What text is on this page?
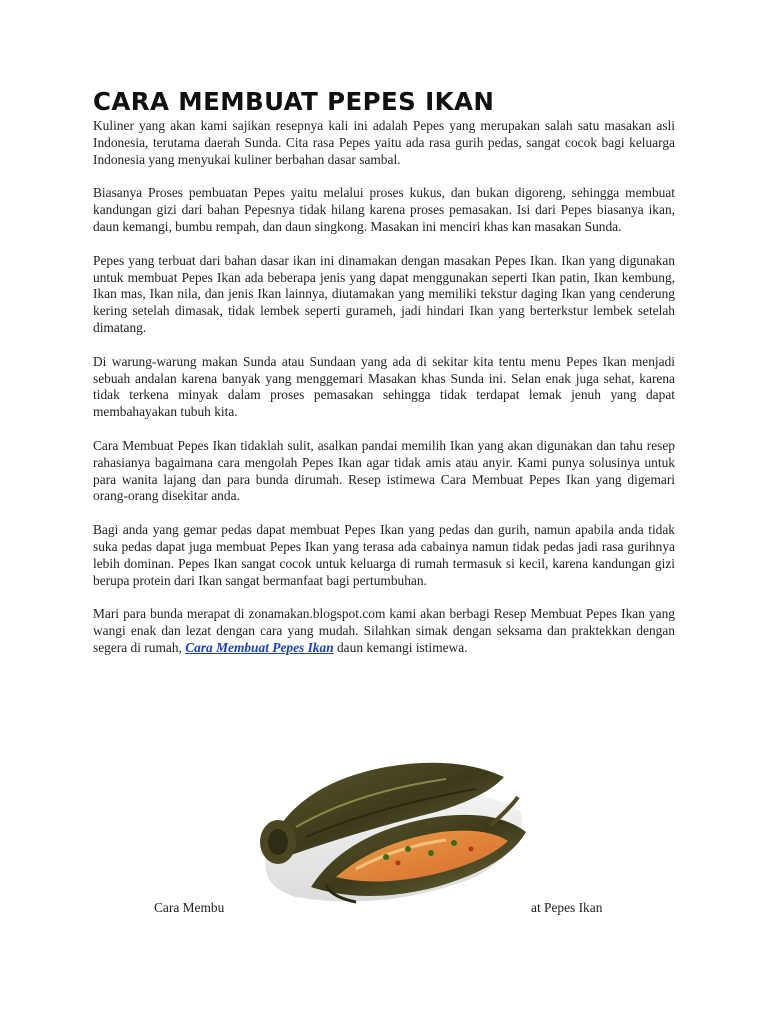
CARA MEMBUAT PEPES IKAN

Kuliner yang akan kami sajikan resepnya kali ini adalah Pepes yang merupakan salah satu masakan asli Indonesia, terutama daerah Sunda. Cita rasa Pepes yaitu ada rasa gurih pedas, sangat cocok bagi keluarga Indonesia yang menyukai kuliner berbahan dasar sambal.

Biasanya Proses pembuatan Pepes yaitu melalui proses kukus, dan bukan digoreng, sehingga membuat kandungan gizi dari bahan Pepesnya tidak hilang karena proses pemasakan. Isi dari Pepes biasanya ikan, daun kemangi, bumbu rempah, dan daun singkong. Masakan ini menciri khas kan masakan Sunda.

Pepes yang terbuat dari bahan dasar ikan ini dinamakan dengan masakan Pepes Ikan. Ikan yang digunakan untuk membuat Pepes Ikan ada beberapa jenis yang dapat menggunakan seperti Ikan patin, Ikan kembung, Ikan mas, Ikan nila, dan jenis Ikan lainnya, diutamakan yang memiliki tekstur daging Ikan yang cenderung kering setelah dimasak, tidak lembek seperti gurameh, jadi hindari Ikan yang berterkstur lembek setelah dimatang.

Di warung-warung makan Sunda atau Sundaan yang ada di sekitar kita tentu menu Pepes Ikan menjadi sebuah andalan karena banyak yang menggemari Masakan khas Sunda ini. Selan enak juga sehat, karena tidak terkena minyak dalam proses pemasakan sehingga tidak terdapat lemak jenuh yang dapat membahayakan tubuh kita.

Cara Membuat Pepes Ikan tidaklah sulit, asalkan pandai memilih Ikan yang akan digunakan dan tahu resep rahasianya bagaimana cara mengolah Pepes Ikan agar tidak amis atau anyir. Kami punya solusinya untuk para wanita lajang dan para bunda dirumah. Resep istimewa Cara Membuat Pepes Ikan yang digemari orang-orang disekitar anda.

Bagi anda yang gemar pedas dapat membuat Pepes Ikan yang pedas dan gurih, namun apabila anda tidak suka pedas dapat juga membuat Pepes Ikan yang terasa ada cabainya namun tidak pedas jadi rasa gurihnya lebih dominan. Pepes Ikan sangat cocok untuk keluarga di rumah termasuk si kecil, karena kandungan gizi berupa protein dari Ikan sangat bermanfaat bagi pertumbuhan.

Mari para bunda merapat di zonamakan.blogspot.com kami akan berbagi Resep Membuat Pepes Ikan yang wangi enak dan lezat dengan cara yang mudah. Silahkan simak dengan seksama dan praktekkan dengan segera di rumah, Cara Membuat Pepes Ikan daun kemangi istimewa.

Cara Membu	at Pepes Ikan
